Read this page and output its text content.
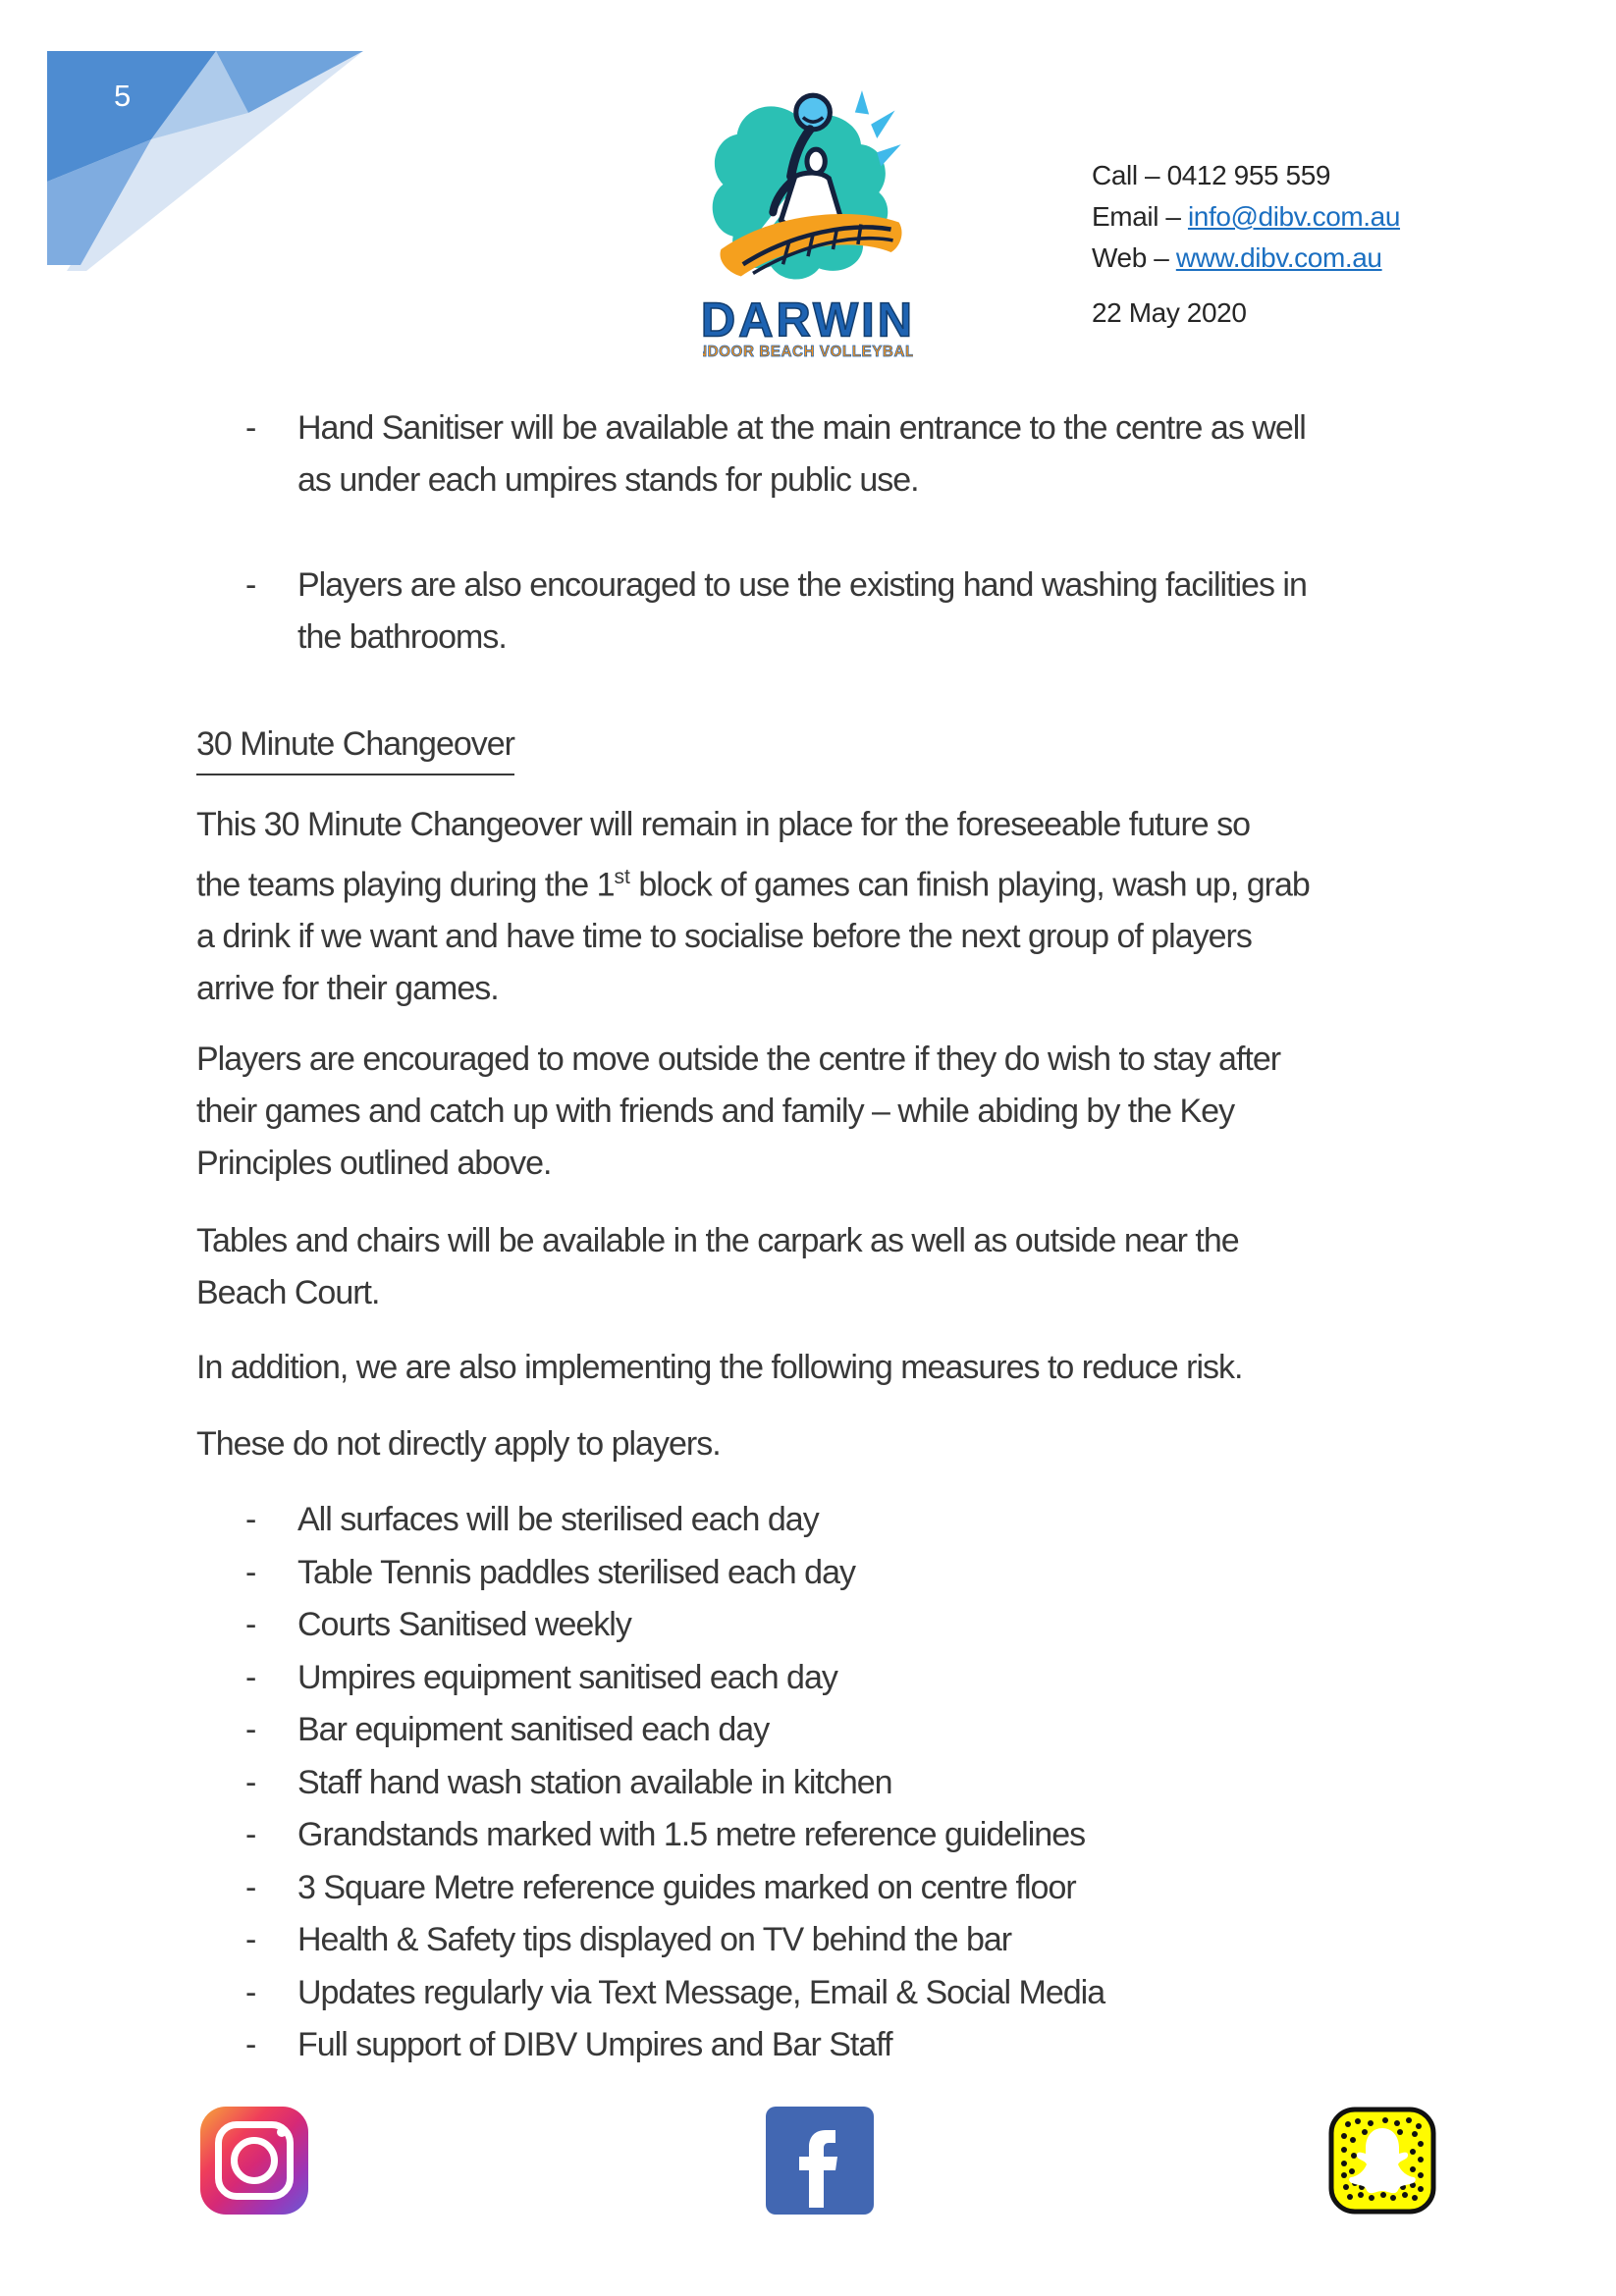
5
DARWIN
INDOOR BEACH VOLLEYBALL
Call – 0412 955 559
Email – info@dibv.com.au
Web – www.dibv.com.au
22 May 2020
-	Hand Sanitiser will be available at the main entrance to the centre as well
as under each umpires stands for public use.
-	Players are also encouraged to use the existing hand washing facilities in
the bathrooms.
30 Minute Changeover
This 30 Minute Changeover will remain in place for the foreseeable future so
the teams playing during the 1st block of games can finish playing, wash up, grab
a drink if we want and have time to socialise before the next group of players
arrive for their games.
Players are encouraged to move outside the centre if they do wish to stay after
their games and catch up with friends and family – while abiding by the Key
Principles outlined above.
Tables and chairs will be available in the carpark as well as outside near the
Beach Court.
In addition, we are also implementing the following measures to reduce risk.
These do not directly apply to players.
-	All surfaces will be sterilised each day
-	Table Tennis paddles sterilised each day
-	Courts Sanitised weekly
-	Umpires equipment sanitised each day
-	Bar equipment sanitised each day
-	Staff hand wash station available in kitchen
-	Grandstands marked with 1.5 metre reference guidelines
-	3 Square Metre reference guides marked on centre floor
-	Health & Safety tips displayed on TV behind the bar
-	Updates regularly via Text Message, Email & Social Media
-	Full support of DIBV Umpires and Bar Staff
